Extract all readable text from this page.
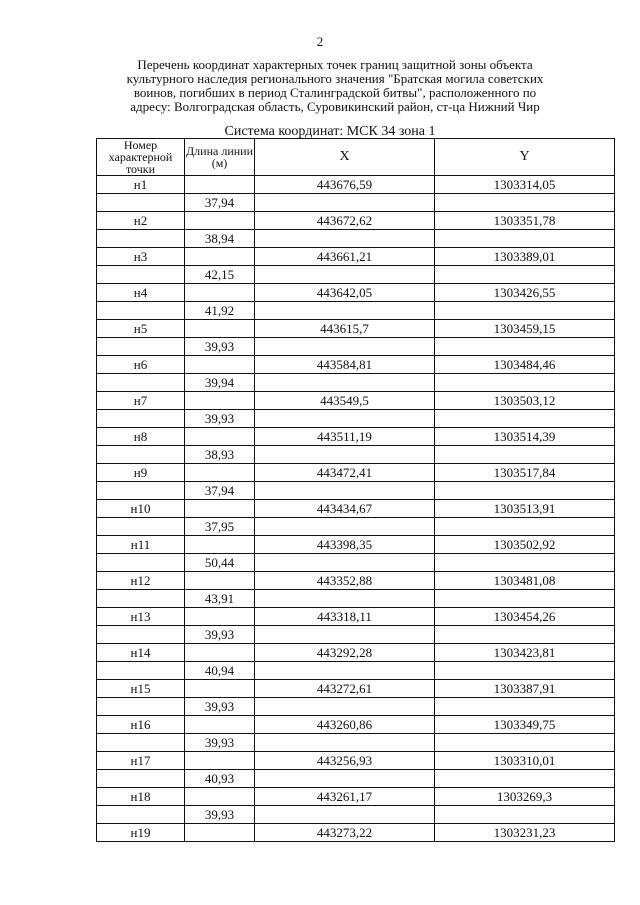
2
Перечень координат характерных точек границ защитной зоны объекта
культурного наследия регионального значения "Братская могила советских
воинов, погибших в период Сталинградской битвы", расположенного по
адресу: Волгоградская область, Суровикинский район, ст-ца Нижний Чир
Система координат: МСК 34 зона 1
Номер характерной точки	Длина линии (м)	X	Y
н1		443676,59	1303314,05
	37,94		
н2		443672,62	1303351,78
	38,94		
н3		443661,21	1303389,01
	42,15		
н4		443642,05	1303426,55
	41,92		
н5		443615,7	1303459,15
	39,93		
н6		443584,81	1303484,46
	39,94		
н7		443549,5	1303503,12
	39,93		
н8		443511,19	1303514,39
	38,93		
н9		443472,41	1303517,84
	37,94		
н10		443434,67	1303513,91
	37,95		
н11		443398,35	1303502,92
	50,44		
н12		443352,88	1303481,08
	43,91		
н13		443318,11	1303454,26
	39,93		
н14		443292,28	1303423,81
	40,94		
н15		443272,61	1303387,91
	39,93		
н16		443260,86	1303349,75
	39,93		
н17		443256,93	1303310,01
	40,93		
н18		443261,17	1303269,3
	39,93		
н19		443273,22	1303231,23
